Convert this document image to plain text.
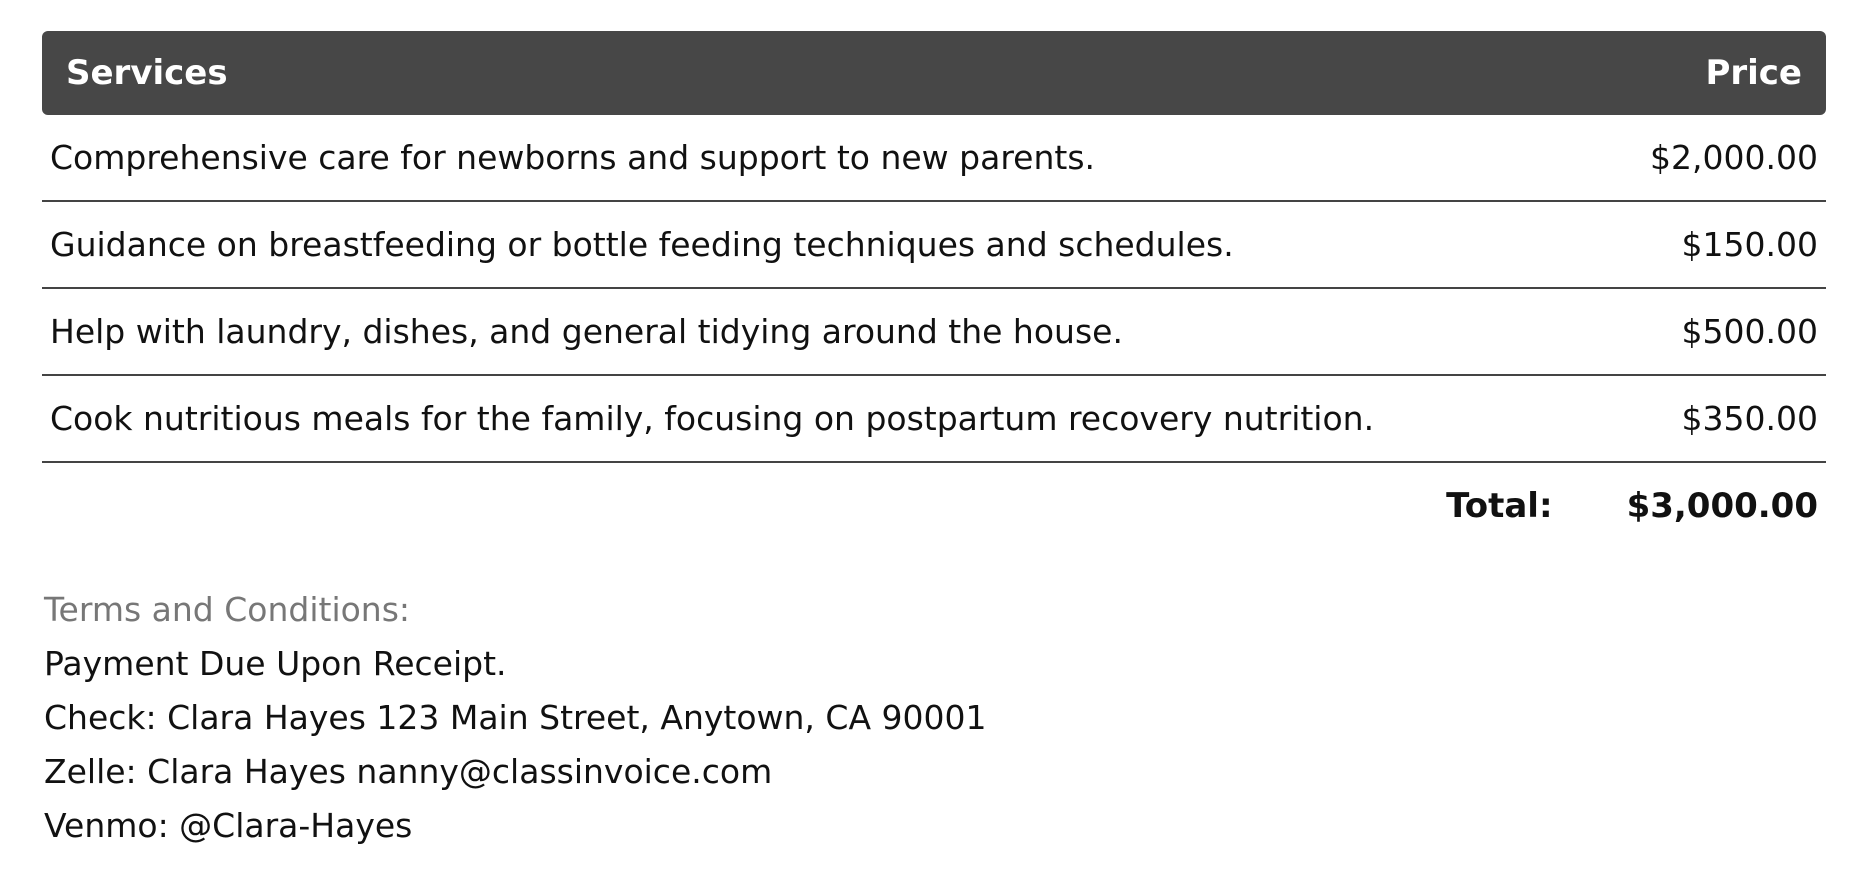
Services	Price
Comprehensive care for newborns and support to new parents.	$2,000.00
Guidance on breastfeeding or bottle feeding techniques and schedules.	$150.00
Help with laundry, dishes, and general tidying around the house.	$500.00
Cook nutritious meals for the family, focusing on postpartum recovery nutrition.	$350.00
Total: $3,000.00
Terms and Conditions:
Payment Due Upon Receipt.
Check: Clara Hayes 123 Main Street, Anytown, CA 90001
Zelle: Clara Hayes nanny@classinvoice.com
Venmo: @Clara-Hayes
